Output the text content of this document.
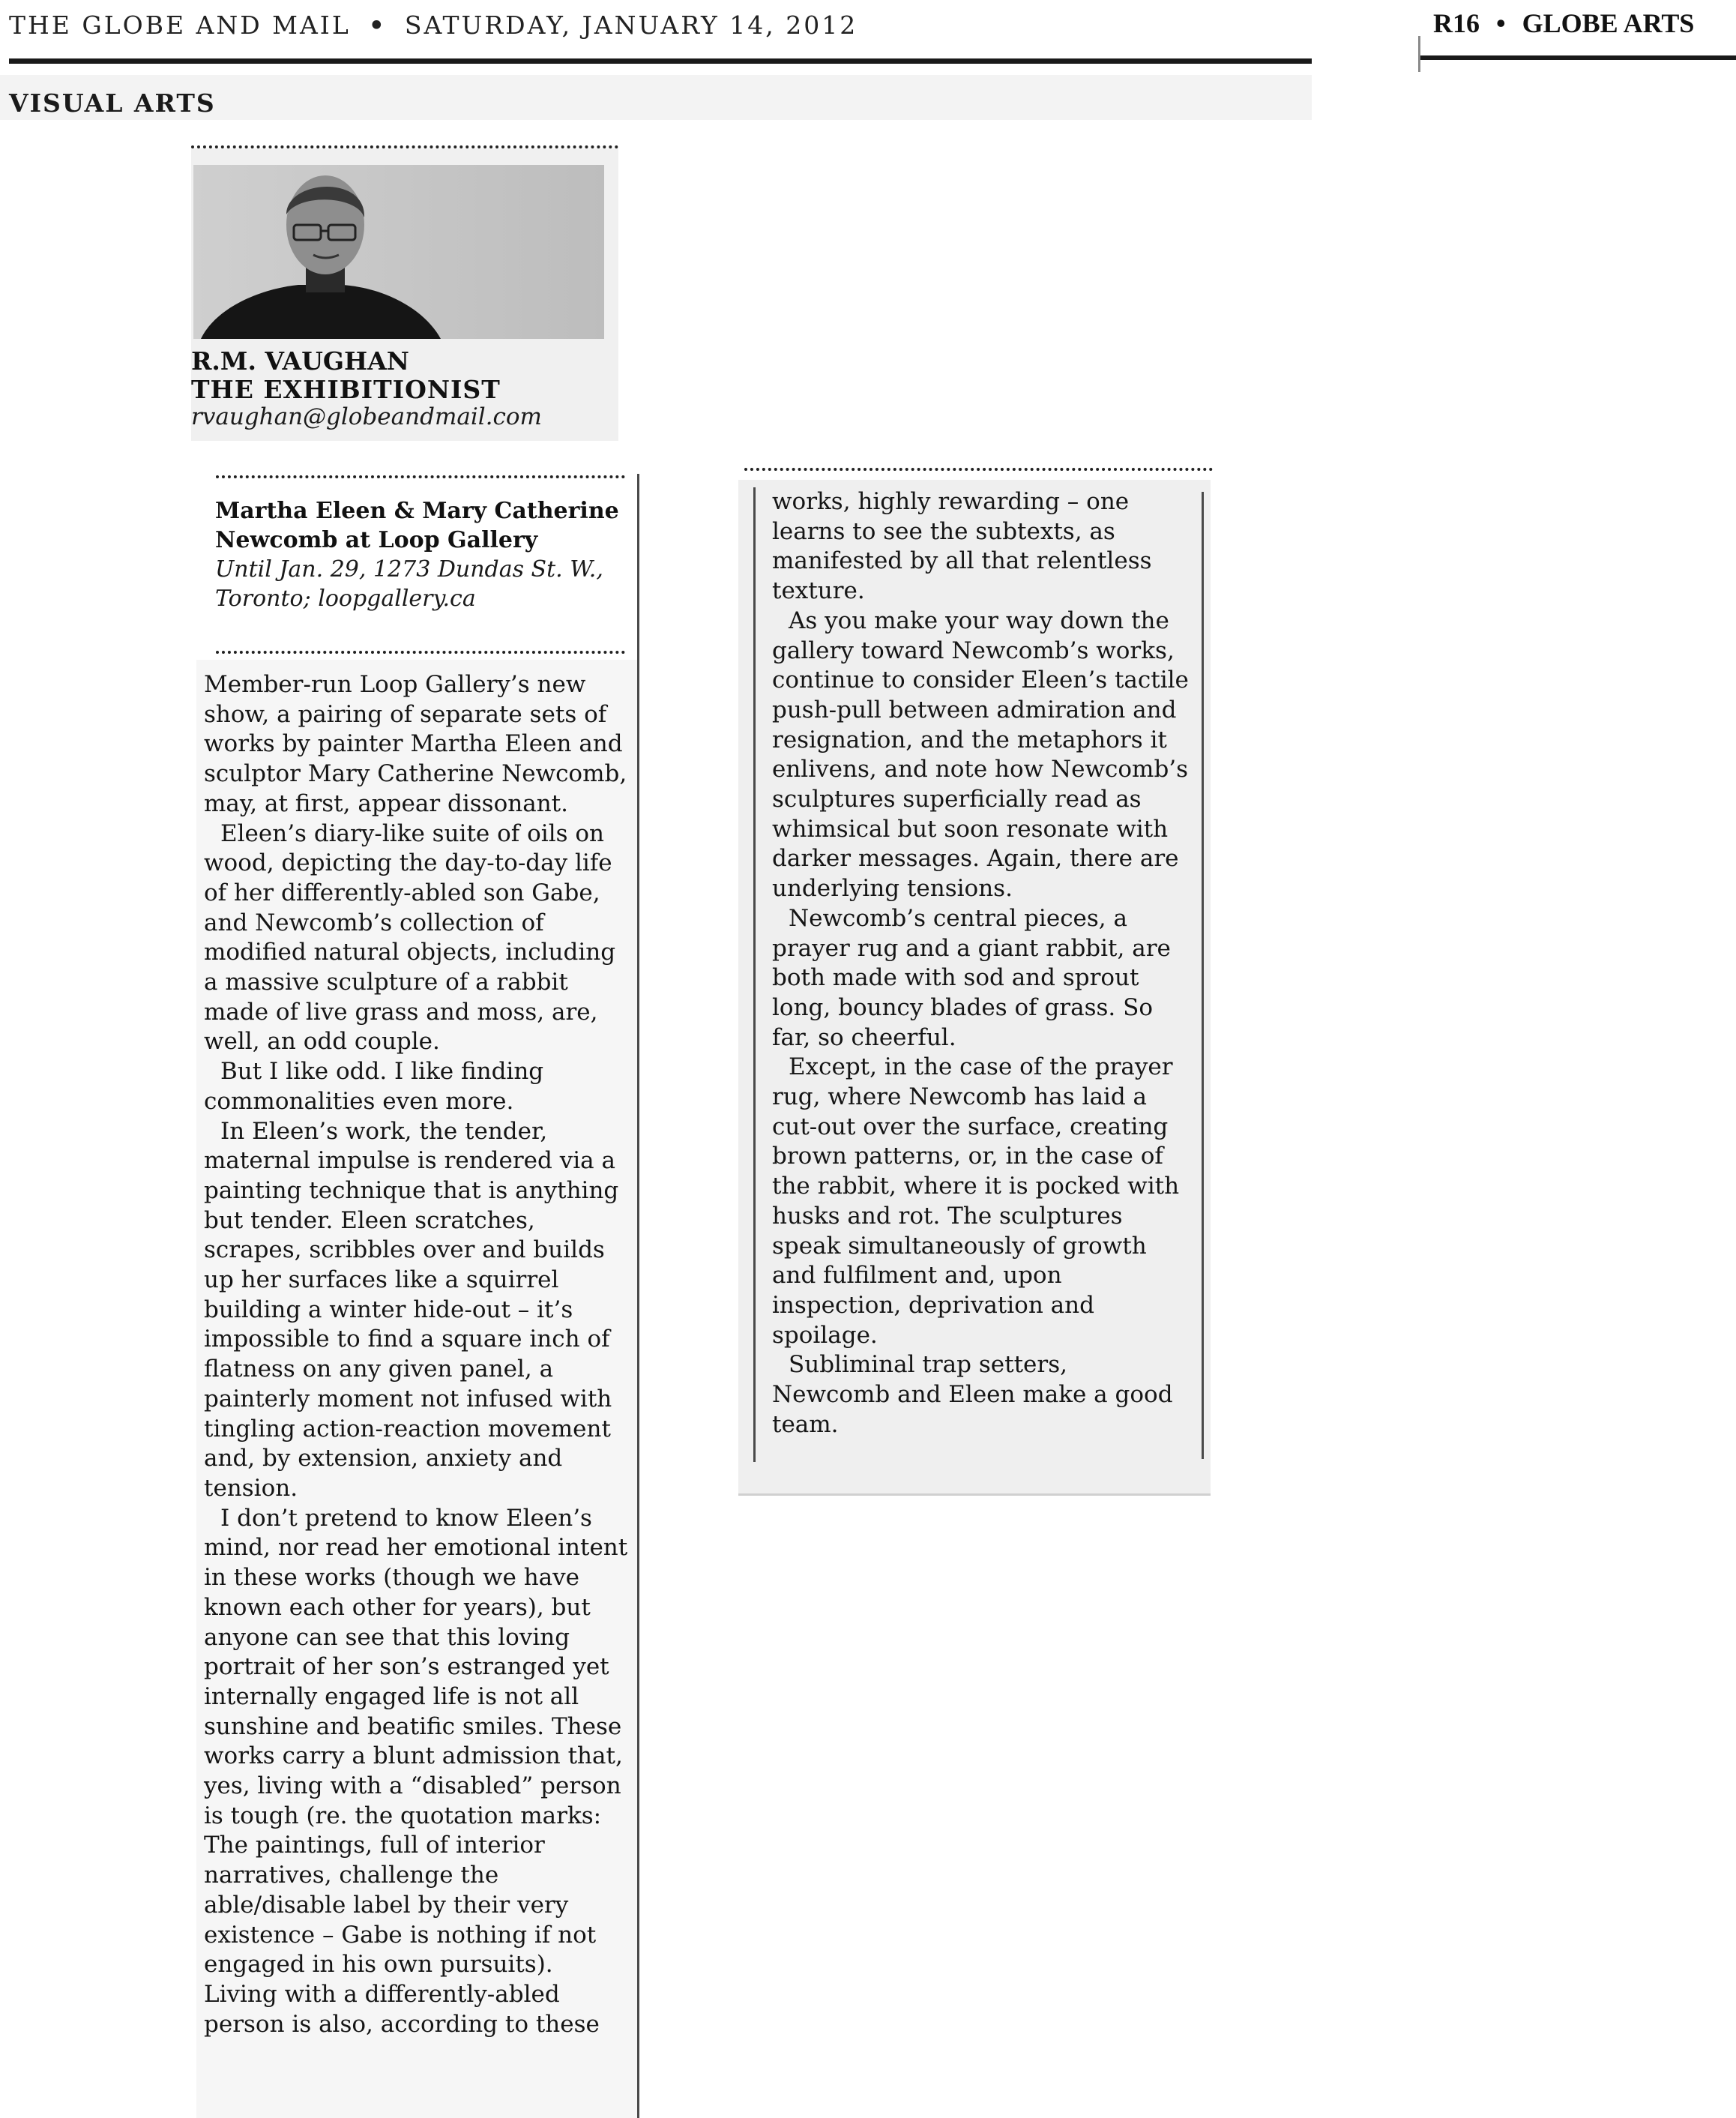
THE GLOBE AND MAIL • SATURDAY, JANUARY 14, 2012	R16 • GLOBE ARTS
VISUAL ARTS
R.M. VAUGHAN
THE EXHIBITIONIST
rvaughan@globeandmail.com
Martha Eleen & Mary Catherine Newcomb at Loop Gallery
Until Jan. 29, 1273 Dundas St. W., Toronto; loopgallery.ca

Member-run Loop Gallery’s new show, a pairing of separate sets of works by painter Martha Eleen and sculptor Mary Catherine Newcomb, may, at first, appear dissonant.

Eleen’s diary-like suite of oils on wood, depicting the day-to-day life of her differently-abled son Gabe, and Newcomb’s collection of modified natural objects, including a massive sculpture of a rabbit made of live grass and moss, are, well, an odd couple.

But I like odd. I like finding commonalities even more.

In Eleen’s work, the tender, maternal impulse is rendered via a painting technique that is anything but tender. Eleen scratches, scrapes, scribbles over and builds up her surfaces like a squirrel building a winter hide-out – it’s impossible to find a square inch of flatness on any given panel, a painterly moment not infused with tingling action-reaction movement and, by extension, anxiety and tension.

I don’t pretend to know Eleen’s mind, nor read her emotional intent in these works (though we have known each other for years), but anyone can see that this loving portrait of her son’s estranged yet internally engaged life is not all sunshine and beatific smiles. These works carry a blunt admission that, yes, living with a “disabled” person is tough (re. the quotation marks: The paintings, full of interior narratives, challenge the able/disable label by their very existence – Gabe is nothing if not engaged in his own pursuits). Living with a differently-abled person is also, according to these

works, highly rewarding – one learns to see the subtexts, as manifested by all that relentless texture.

As you make your way down the gallery toward Newcomb’s works, continue to consider Eleen’s tactile push-pull between admiration and resignation, and the metaphors it enlivens, and note how Newcomb’s sculptures superficially read as whimsical but soon resonate with darker messages. Again, there are underlying tensions.

Newcomb’s central pieces, a prayer rug and a giant rabbit, are both made with sod and sprout long, bouncy blades of grass. So far, so cheerful.

Except, in the case of the prayer rug, where Newcomb has laid a cut-out over the surface, creating brown patterns, or, in the case of the rabbit, where it is pocked with husks and rot. The sculptures speak simultaneously of growth and fulfilment and, upon inspection, deprivation and spoilage.

Subliminal trap setters, Newcomb and Eleen make a good team.
